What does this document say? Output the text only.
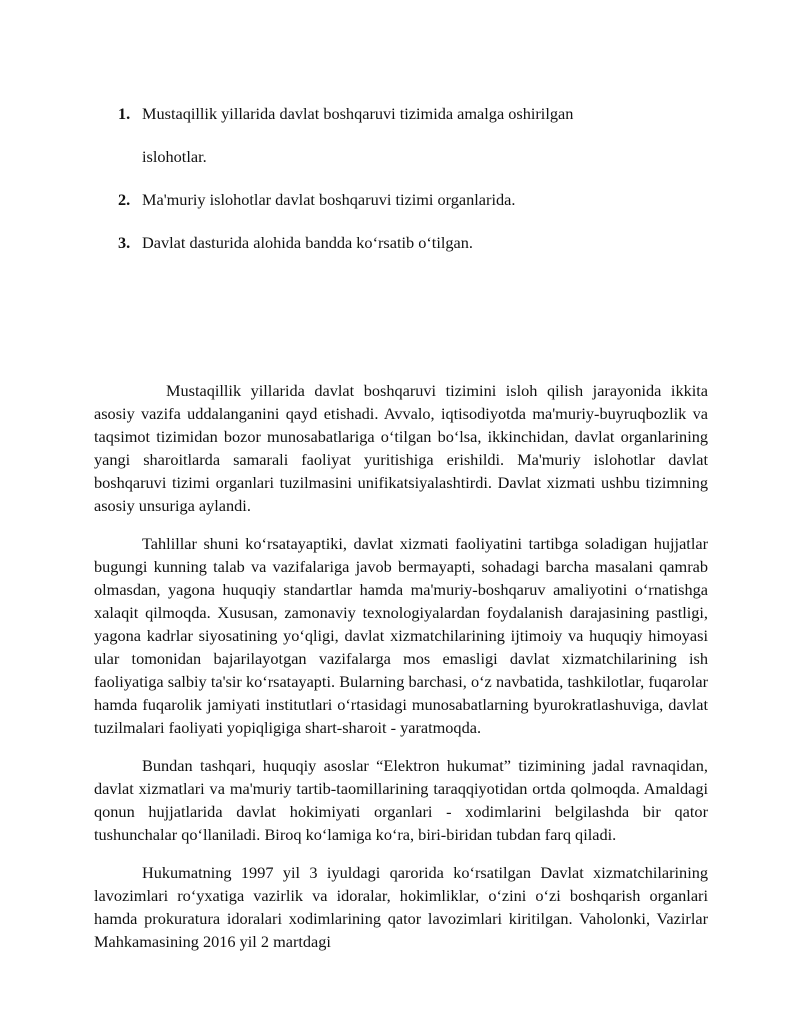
1. Mustaqillik yillarida davlat boshqaruvi tizimida amalga oshirilgan
islohotlar.
2. Ma'muriy islohotlar davlat boshqaruvi tizimi organlarida.
3. Davlat dasturida alohida bandda ko‘rsatib o‘tilgan.

Mustaqillik yillarida davlat boshqaruvi tizimini isloh qilish jarayonida ikkita asosiy vazifa uddalanganini qayd etishadi. Avvalo, iqtisodiyotda ma'muriy-buyruqbozlik va taqsimot tizimidan bozor munosabatlariga o‘tilgan bo‘lsa, ikkinchidan, davlat organlarining yangi sharoitlarda samarali faoliyat yuritishiga erishildi. Ma'muriy islohotlar davlat boshqaruvi tizimi organlari tuzilmasini unifikatsiyalashtirdi. Davlat xizmati ushbu tizimning asosiy unsuriga aylandi.

Tahlillar shuni ko‘rsatayaptiki, davlat xizmati faoliyatini tartibga soladigan hujjatlar bugungi kunning talab va vazifalariga javob bermayapti, sohadagi barcha masalani qamrab olmasdan, yagona huquqiy standartlar hamda ma'muriy-boshqaruv amaliyotini o‘rnatishga xalaqit qilmoqda. Xususan, zamonaviy texnologiyalardan foydalanish darajasining pastligi, yagona kadrlar siyosatining yo‘qligi, davlat xizmatchilarining ijtimoiy va huquqiy himoyasi ular tomonidan bajarilayotgan vazifalarga mos emasligi davlat xizmatchilarining ish faoliyatiga salbiy ta'sir ko‘rsatayapti. Bularning barchasi, o‘z navbatida, tashkilotlar, fuqarolar hamda fuqarolik jamiyati institutlari o‘rtasidagi munosabatlarning byurokratlashuviga, davlat tuzilmalari faoliyati yopiqligiga shart-sharoit - yaratmoqda.

Bundan tashqari, huquqiy asoslar “Elektron hukumat” tizimining jadal ravnaqidan, davlat xizmatlari va ma'muriy tartib-taomillarining taraqqiyotidan ortda qolmoqda. Amaldagi qonun hujjatlarida davlat hokimiyati organlari - xodimlarini belgilashda bir qator tushunchalar qo‘llaniladi. Biroq ko‘lamiga ko‘ra, biri-biridan tubdan farq qiladi.

Hukumatning 1997 yil 3 iyuldagi qarorida ko‘rsatilgan Davlat xizmatchilarining lavozimlari ro‘yxatiga vazirlik va idoralar, hokimliklar, o‘zini o‘zi boshqarish organlari hamda prokuratura idoralari xodimlarining qator lavozimlari kiritilgan. Vaholonki, Vazirlar Mahkamasining 2016 yil 2 martdagi
